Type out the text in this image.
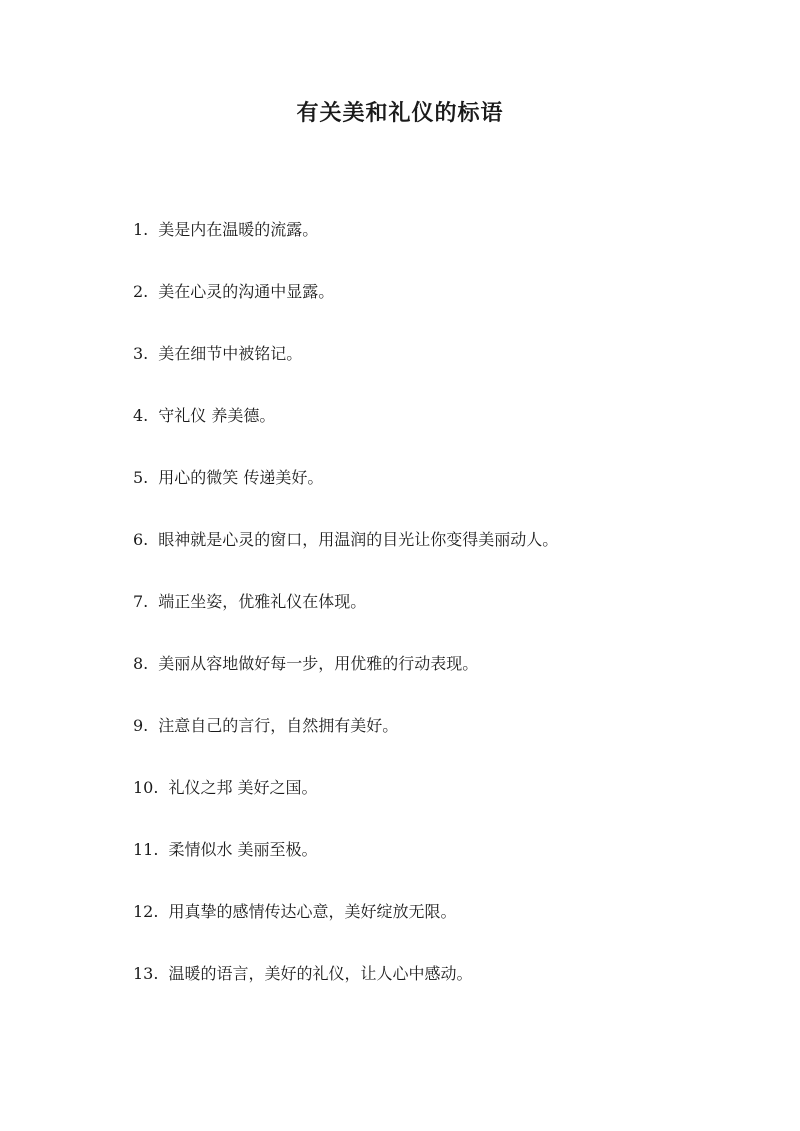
有关美和礼仪的标语
1. 美是内在温暖的流露。
2. 美在心灵的沟通中显露。
3. 美在细节中被铭记。
4. 守礼仪 养美德。
5. 用心的微笑 传递美好。
6. 眼神就是心灵的窗口，用温润的目光让你变得美丽动人。
7. 端正坐姿，优雅礼仪在体现。
8. 美丽从容地做好每一步，用优雅的行动表现。
9. 注意自己的言行，自然拥有美好。
10. 礼仪之邦 美好之国。
11. 柔情似水 美丽至极。
12. 用真挚的感情传达心意，美好绽放无限。
13. 温暖的语言，美好的礼仪，让人心中感动。
